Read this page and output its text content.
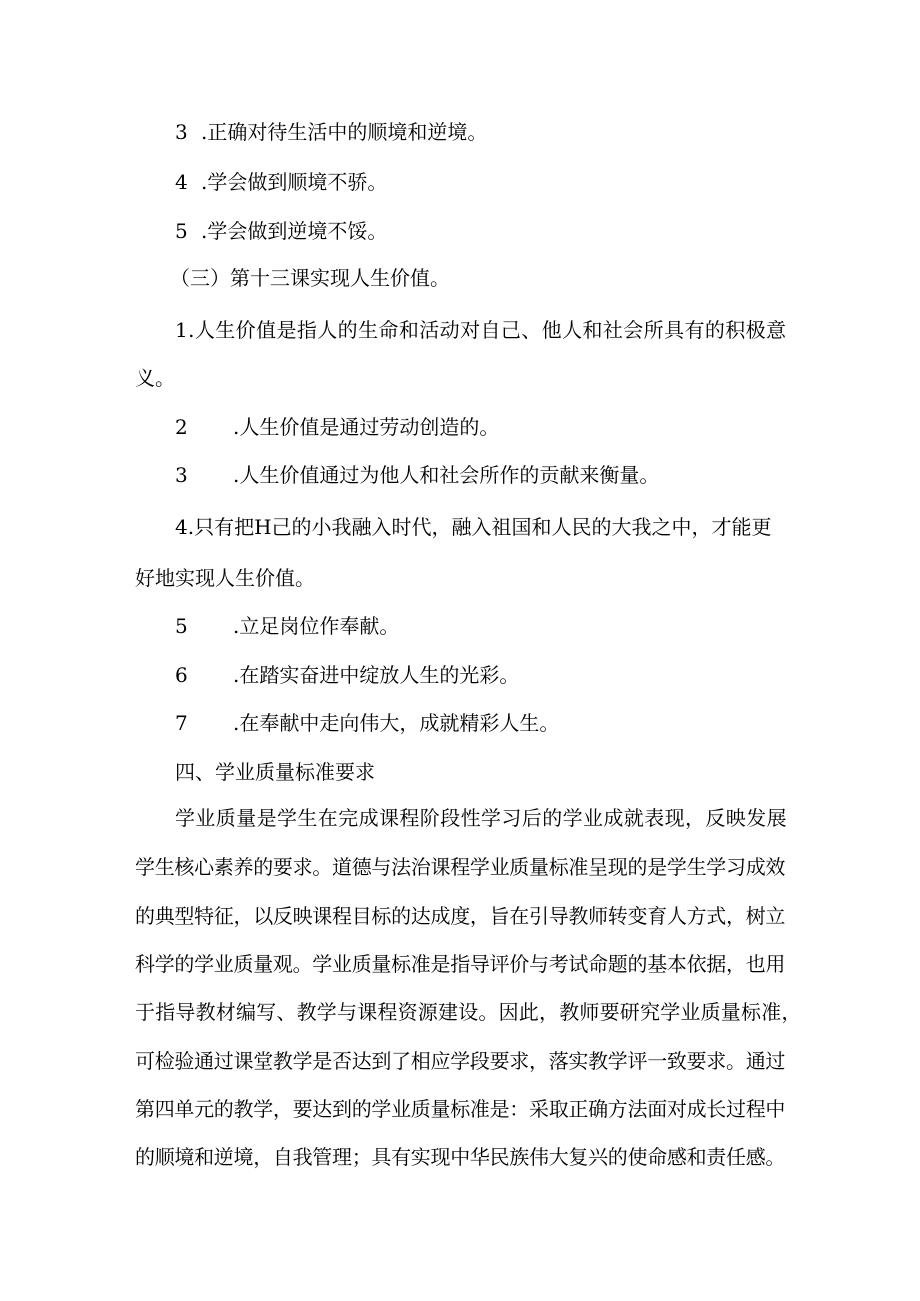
3 .正确对待生活中的顺境和逆境。
4 .学会做到顺境不骄。
5 .学会做到逆境不馁。
（三）第十三课实现人生价值。
1.人生价值是指人的生命和活动对自己、他人和社会所具有的积极意
义。
2 .人生价值是通过劳动创造的。
3 .人生价值通过为他人和社会所作的贡献来衡量。
4.只有把H己的小我融入时代，融入祖国和人民的大我之中，才能更
好地实现人生价值。
5 .立足岗位作奉献。
6 .在踏实奋进中绽放人生的光彩。
7 .在奉献中走向伟大，成就精彩人生。
四、学业质量标准要求
学业质量是学生在完成课程阶段性学习后的学业成就表现，反映发展
学生核心素养的要求。道德与法治课程学业质量标准呈现的是学生学习成效
的典型特征，以反映课程目标的达成度，旨在引导教师转变育人方式，树立
科学的学业质量观。学业质量标准是指导评价与考试命题的基本依据，也用
于指导教材编写、教学与课程资源建设。因此，教师要研究学业质量标准，
可检验通过课堂教学是否达到了相应学段要求，落实教学评一致要求。通过
第四单元的教学，要达到的学业质量标准是：采取正确方法面对成长过程中
的顺境和逆境，自我管理；具有实现中华民族伟大复兴的使命感和责任感。
